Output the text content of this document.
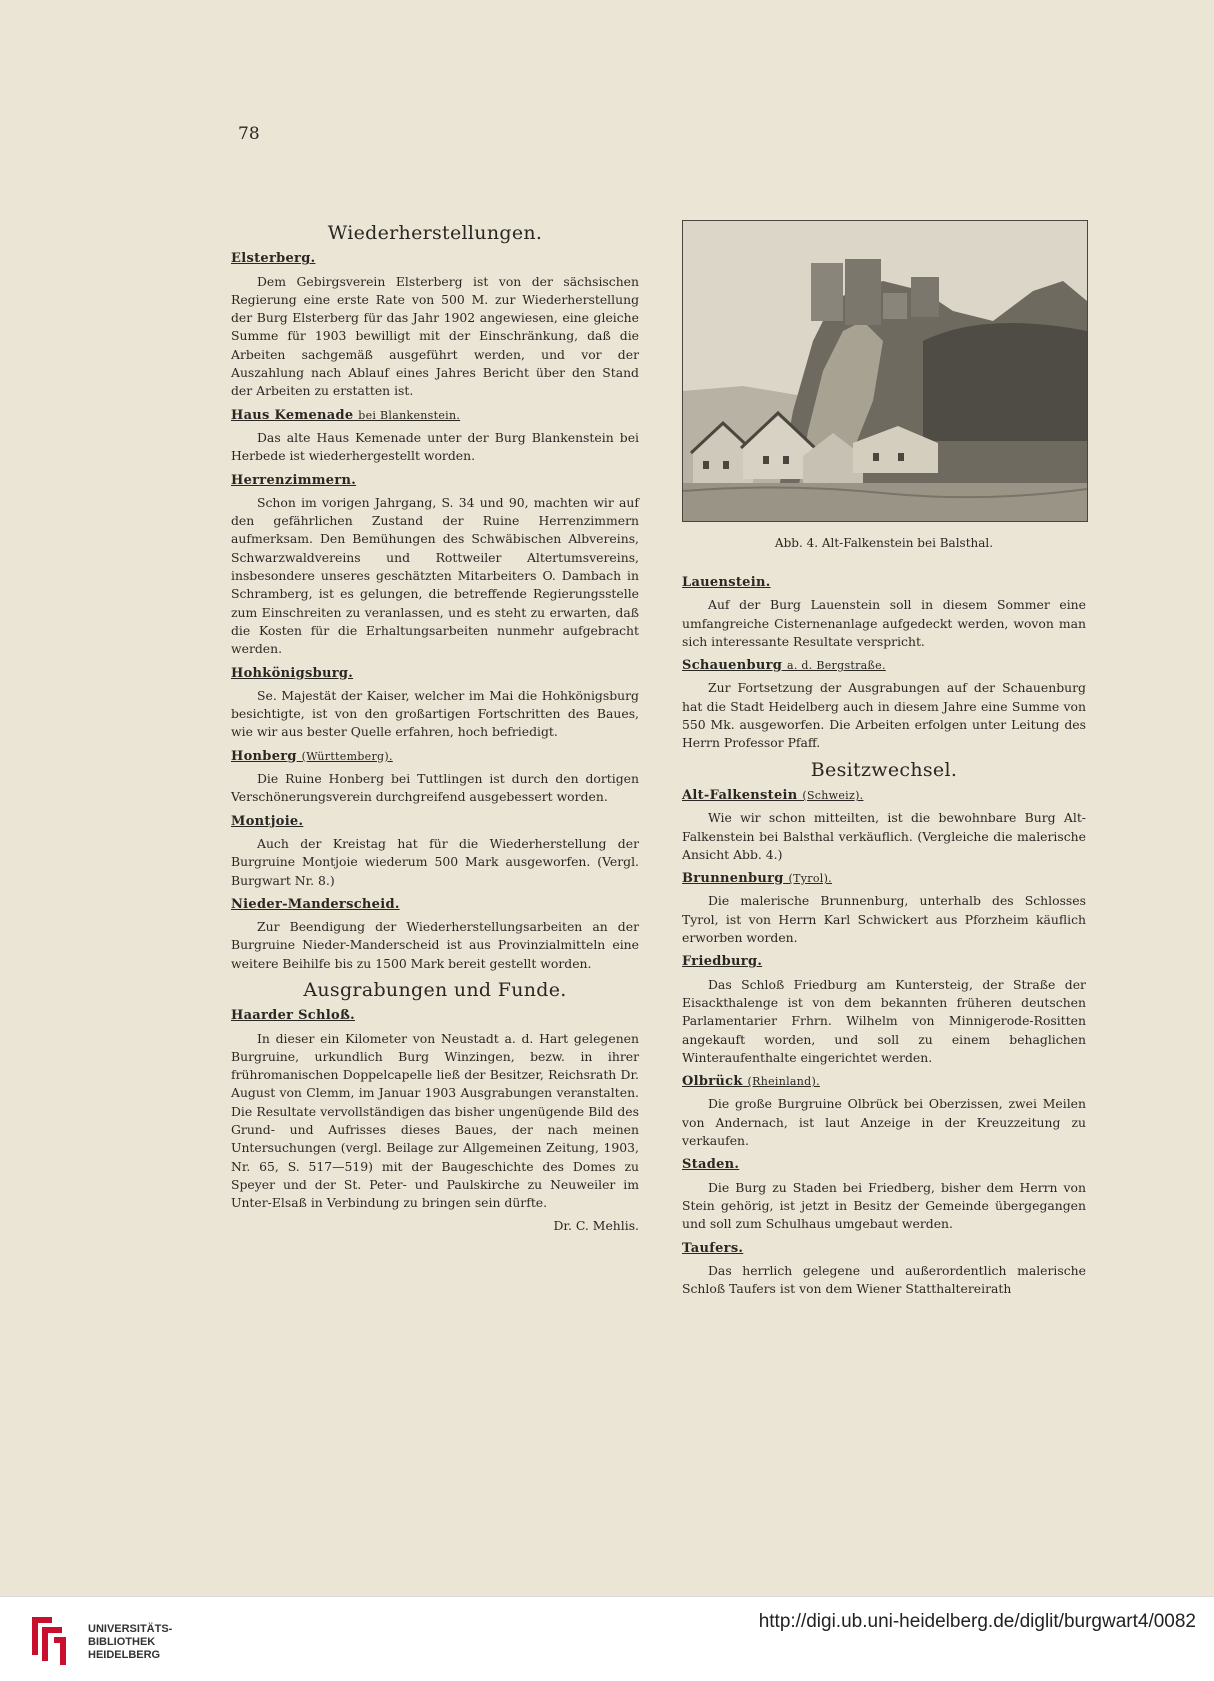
78
Wiederherstellungen.
Elsterberg.

Dem Gebirgsverein Elsterberg ist von der sächsischen Regierung eine erste Rate von 500 M. zur Wiederherstellung der Burg Elsterberg für das Jahr 1902 angewiesen, eine gleiche Summe für 1903 bewilligt mit der Einschränkung, daß die Arbeiten sachgemäß ausgeführt werden, und vor der Auszahlung nach Ablauf eines Jahres Bericht über den Stand der Arbeiten zu erstatten ist.

Haus Kemenade bei Blankenstein.

Das alte Haus Kemenade unter der Burg Blankenstein bei Herbede ist wiederhergestellt worden.

Herrenzimmern.

Schon im vorigen Jahrgang, S. 34 und 90, machten wir auf den gefährlichen Zustand der Ruine Herrenzimmern aufmerksam. Den Bemühungen des Schwäbischen Albvereins, Schwarzwaldvereins und Rottweiler Altertumsvereins, insbesondere unseres geschätzten Mitarbeiters O. Dambach in Schramberg, ist es gelungen, die betreffende Regierungsstelle zum Einschreiten zu veranlassen, und es steht zu erwarten, daß die Kosten für die Erhaltungsarbeiten nunmehr aufgebracht werden.

Hohkönigsburg.

Se. Majestät der Kaiser, welcher im Mai die Hohkönigsburg besichtigte, ist von den großartigen Fortschritten des Baues, wie wir aus bester Quelle erfahren, hoch befriedigt.

Honberg (Württemberg).

Die Ruine Honberg bei Tuttlingen ist durch den dortigen Verschönerungsverein durchgreifend ausgebessert worden.

Montjoie.

Auch der Kreistag hat für die Wiederherstellung der Burgruine Montjoie wiederum 500 Mark ausgeworfen. (Vergl. Burgwart Nr. 8.)

Nieder-Manderscheid.

Zur Beendigung der Wiederherstellungsarbeiten an der Burgruine Nieder-Manderscheid ist aus Provinzialmitteln eine weitere Beihilfe bis zu 1500 Mark bereit gestellt worden.

Ausgrabungen und Funde.
Haarder Schloß.

In dieser ein Kilometer von Neustadt a. d. Hart gelegenen Burgruine, urkundlich Burg Winzingen, bezw. in ihrer frühromanischen Doppelcapelle ließ der Besitzer, Reichsrath Dr. August von Clemm, im Januar 1903 Ausgrabungen veranstalten. Die Resultate vervollständigen das bisher ungenügende Bild des Grund- und Aufrisses dieses Baues, der nach meinen Untersuchungen (vergl. Beilage zur Allgemeinen Zeitung, 1903, Nr. 65, S. 517—519) mit der Baugeschichte des Domes zu Speyer und der St. Peter- und Paulskirche zu Neuweiler im Unter-Elsaß in Verbindung zu bringen sein dürfte.

Dr. C. Mehlis.
Abb. 4. Alt-Falkenstein bei Balsthal.
Lauenstein.

Auf der Burg Lauenstein soll in diesem Sommer eine umfangreiche Cisternenanlage aufgedeckt werden, wovon man sich interessante Resultate verspricht.

Schauenburg a. d. Bergstraße.

Zur Fortsetzung der Ausgrabungen auf der Schauenburg hat die Stadt Heidelberg auch in diesem Jahre eine Summe von 550 Mk. ausgeworfen. Die Arbeiten erfolgen unter Leitung des Herrn Professor Pfaff.

Besitzwechsel.
Alt-Falkenstein (Schweiz).

Wie wir schon mitteilten, ist die bewohnbare Burg Alt-Falkenstein bei Balsthal verkäuflich. (Vergleiche die malerische Ansicht Abb. 4.)

Brunnenburg (Tyrol).

Die malerische Brunnenburg, unterhalb des Schlosses Tyrol, ist von Herrn Karl Schwickert aus Pforzheim käuflich erworben worden.

Friedburg.

Das Schloß Friedburg am Kuntersteig, der Straße der Eisackthalenge ist von dem bekannten früheren deutschen Parlamentarier Frhrn. Wilhelm von Minnigerode-Rositten angekauft worden, und soll zu einem behaglichen Winteraufenthalte eingerichtet werden.

Olbrück (Rheinland).

Die große Burgruine Olbrück bei Oberzissen, zwei Meilen von Andernach, ist laut Anzeige in der Kreuzzeitung zu verkaufen.

Staden.

Die Burg zu Staden bei Friedberg, bisher dem Herrn von Stein gehörig, ist jetzt in Besitz der Gemeinde übergegangen und soll zum Schulhaus umgebaut werden.

Taufers.

Das herrlich gelegene und außerordentlich malerische Schloß Taufers ist von dem Wiener Statthaltereirath

UNIVERSITÄTS-
BIBLIOTHEK
HEIDELBERG
http://digi.ub.uni-heidelberg.de/diglit/burgwart4/0082
